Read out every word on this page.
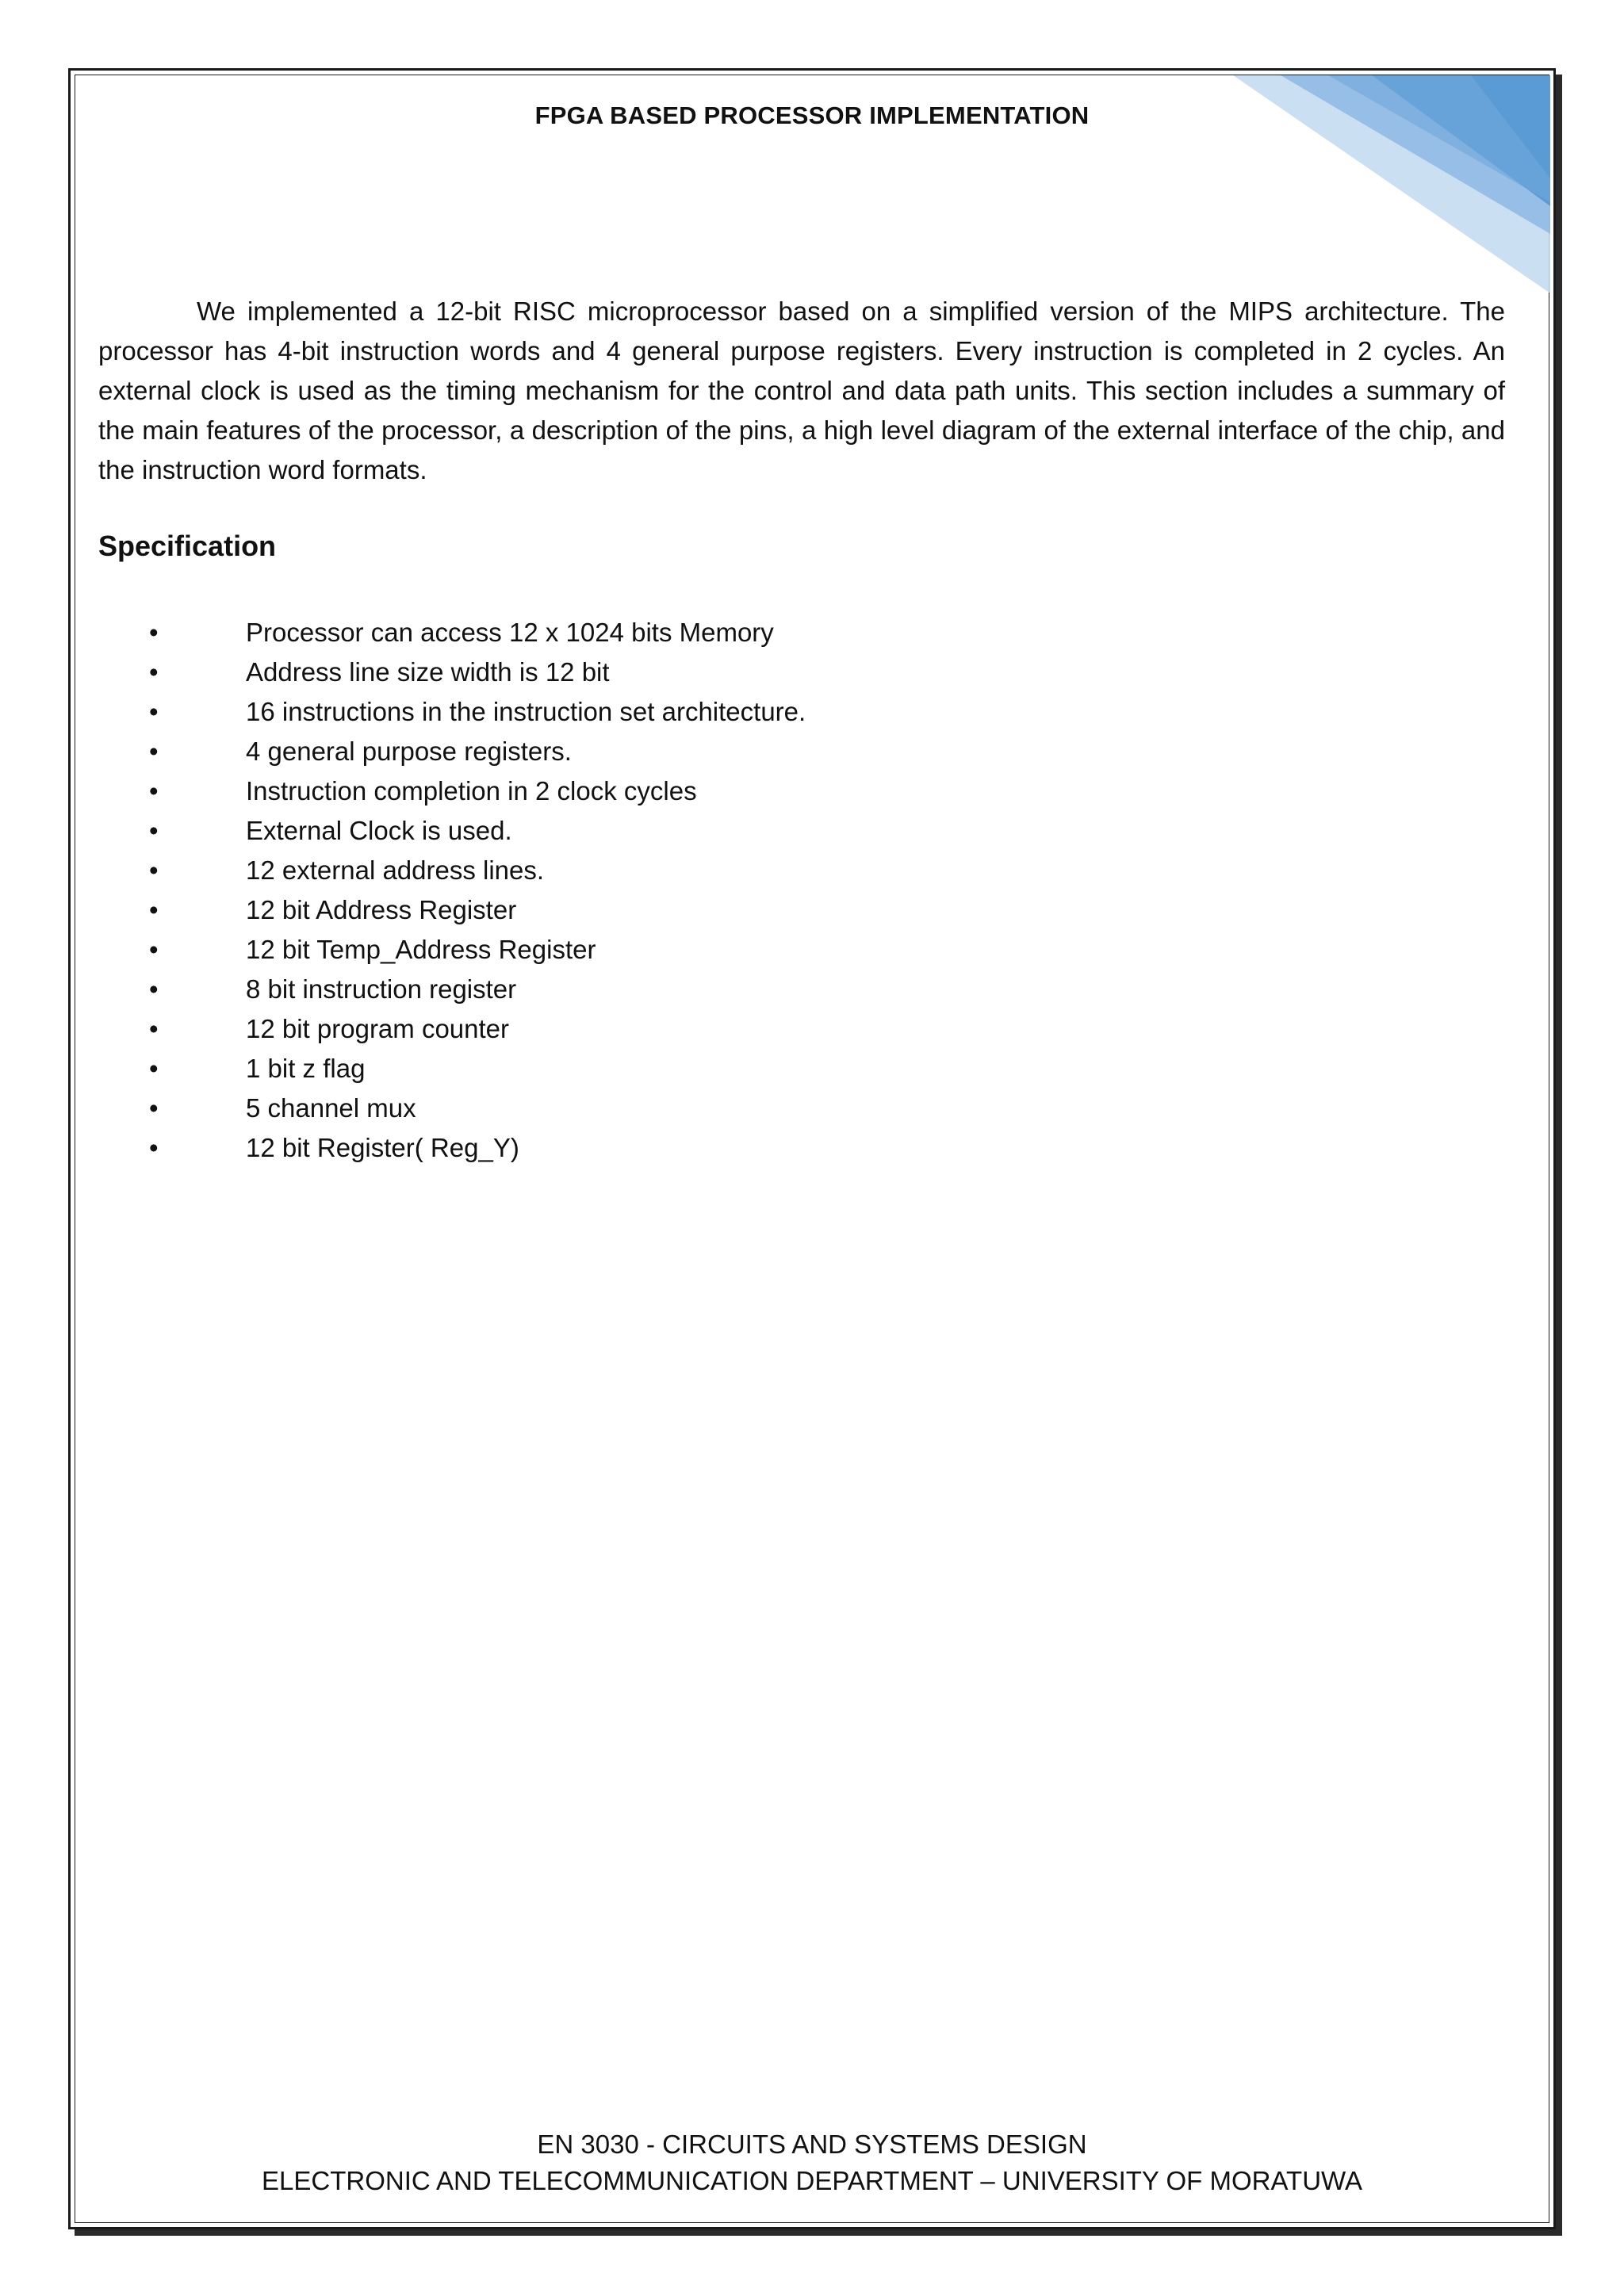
FPGA BASED PROCESSOR IMPLEMENTATION

We implemented a 12-bit RISC microprocessor based on a simplified version of the MIPS architecture. The processor has 4-bit instruction words and 4 general purpose registers. Every instruction is completed in 2 cycles. An external clock is used as the timing mechanism for the control and data path units. This section includes a summary of the main features of the processor, a description of the pins, a high level diagram of the external interface of the chip, and the instruction word formats.

Specification
•	Processor can access 12 x 1024 bits Memory
•	Address line size width is 12 bit
•	16 instructions in the instruction set architecture.
•	4 general purpose registers.
•	Instruction completion in 2 clock cycles
•	External Clock is used.
•	12 external address lines.
•	12 bit Address Register
•	12 bit Temp_Address Register
•	8 bit instruction register
•	12 bit program counter
•	1 bit z flag
•	5 channel mux
•	12 bit Register( Reg_Y)
EN 3030 - CIRCUITS AND SYSTEMS DESIGN
ELECTRONIC AND TELECOMMUNICATION DEPARTMENT – UNIVERSITY OF MORATUWA
